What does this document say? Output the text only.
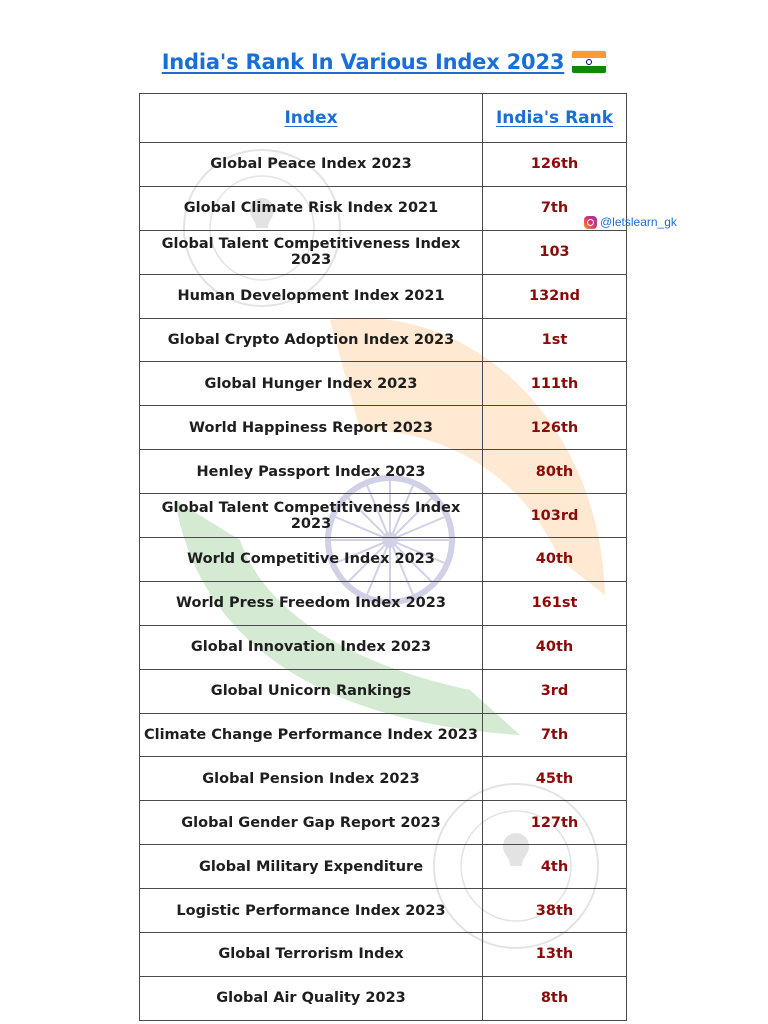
India's Rank In Various Index 2023
@letslearn_gk
Index	India's Rank
Global Peace Index 2023	126th
Global Climate Risk Index 2021	7th
Global Talent Competitiveness Index 2023	103
Human Development Index 2021	132nd
Global Crypto Adoption Index 2023	1st
Global Hunger Index 2023	111th
World Happiness Report 2023	126th
Henley Passport Index 2023	80th
Global Talent Competitiveness Index 2023	103rd
World Competitive Index 2023	40th
World Press Freedom Index 2023	161st
Global Innovation Index 2023	40th
Global Unicorn Rankings	3rd
Climate Change Performance Index 2023	7th
Global Pension Index 2023	45th
Global Gender Gap Report 2023	127th
Global Military Expenditure	4th
Logistic Performance Index 2023	38th
Global Terrorism Index	13th
Global Air Quality 2023	8th
